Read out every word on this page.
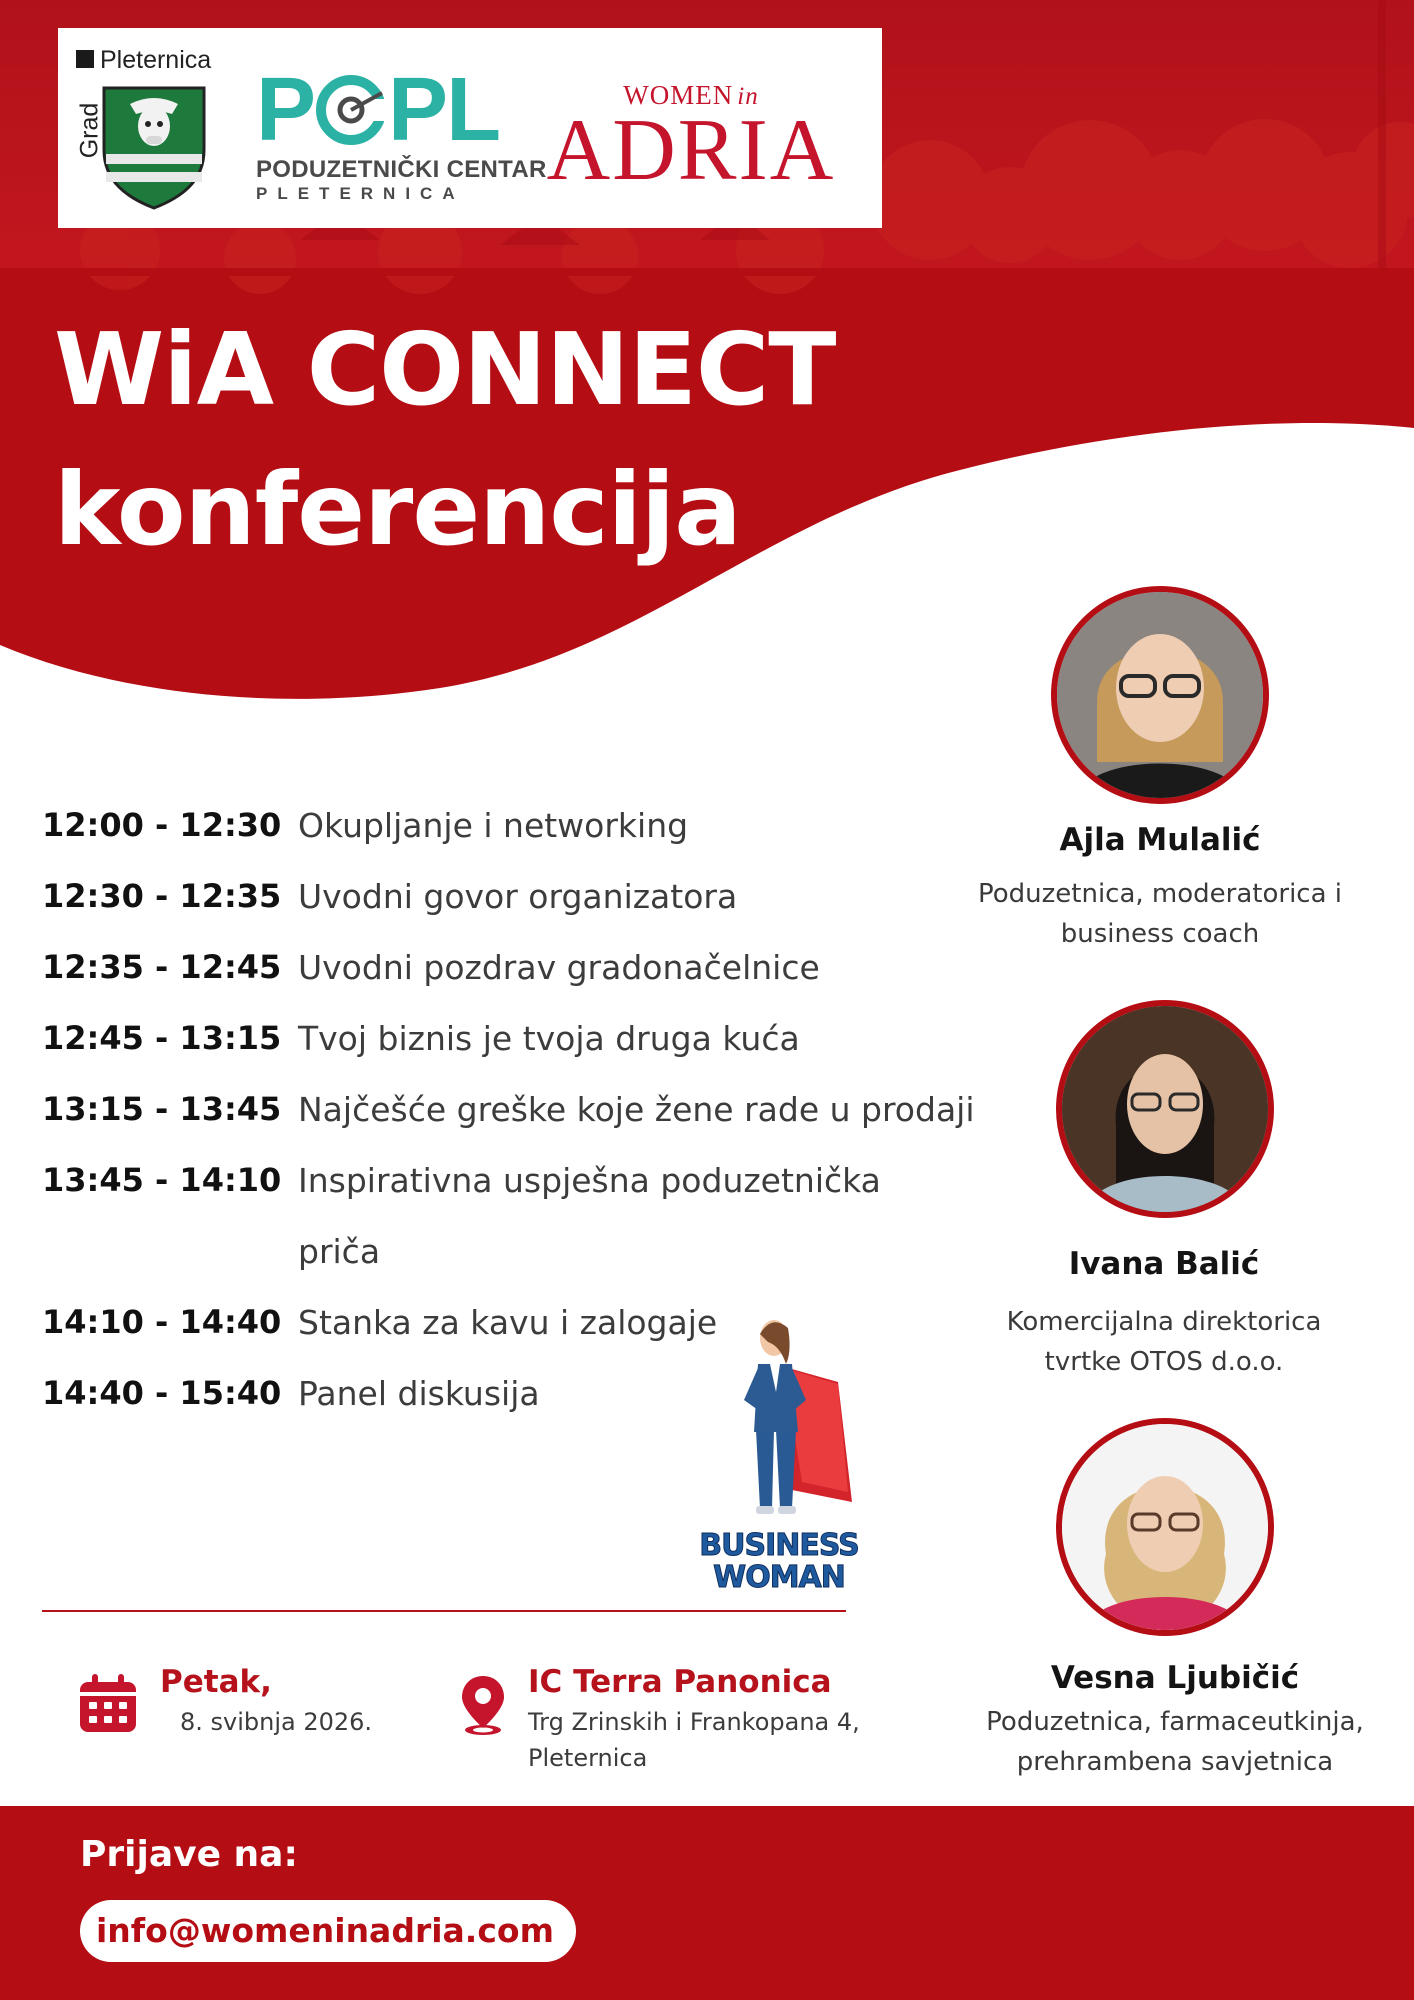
Pleternica
Grad P P L
PODUZETNIČKI CENTAR
PLETERNICA
WOMEN in
ADRIA
WiA CONNECT
konferencija
12:00 - 12:30 Okupljanje i networking
12:30 - 12:35 Uvodni govor organizatora
12:35 - 12:45 Uvodni pozdrav gradonačelnice
12:45 - 13:15 Tvoj biznis je tvoja druga kuća
13:15 - 13:45 Najčešće greške koje žene rade u prodaji
13:45 - 14:10 Inspirativna uspješna poduzetnička priča
14:10 - 14:40 Stanka za kavu i zalogaje
14:40 - 15:40 Panel diskusija
BUSINESS
WOMAN
Petak,
8. svibnja 2026.
IC Terra Panonica
Trg Zrinskih i Frankopana 4,
Pleternica
Ajla Mulalić
Poduzetnica, moderatorica i
business coach
Ivana Balić
Komercijalna direktorica
tvrtke OTOS d.o.o.
Vesna Ljubičić
Poduzetnica, farmaceutkinja,
prehrambena savjetnica
Prijave na:
info@womeninadria.com
